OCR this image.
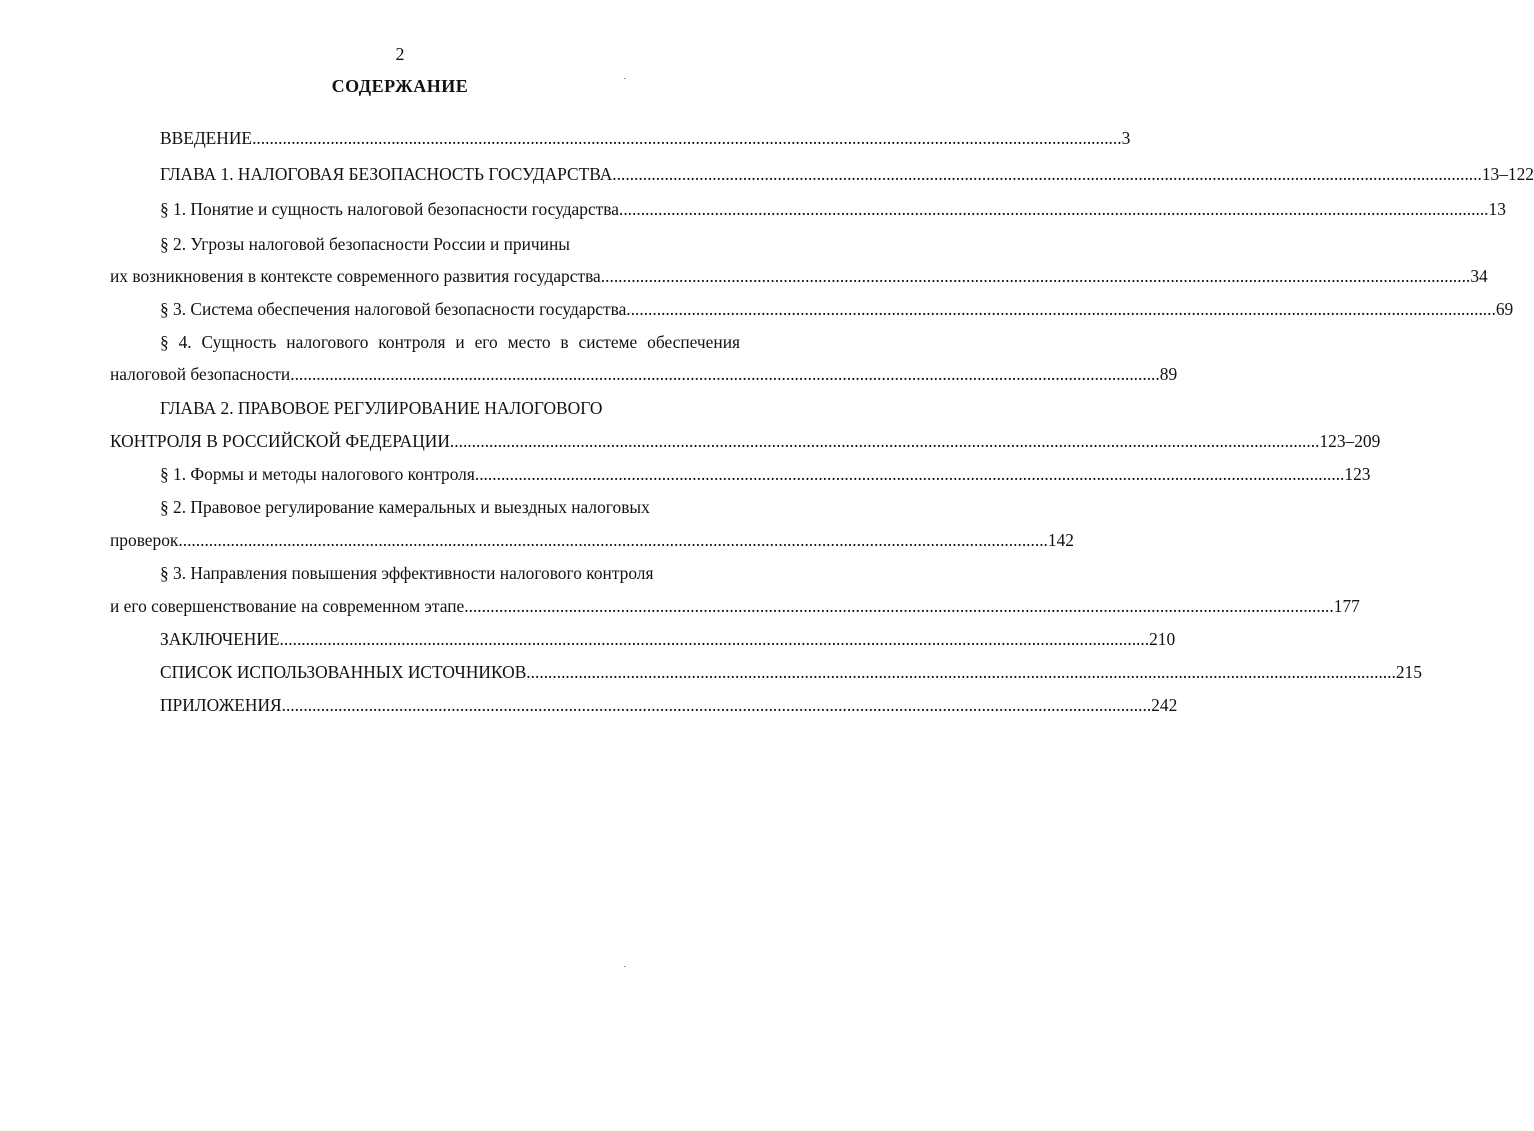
2
СОДЕРЖАНИЕ
ВВЕДЕНИЕ ........................................................................................................................................................................................................ 3
ГЛАВА 1. НАЛОГОВАЯ БЕЗОПАСНОСТЬ ГОСУДАРСТВА ........................................................................................................................................................................................................ 13–122
§ 1. Понятие и сущность налоговой безопасности государства ........................................................................................................................................................................................................ 13
§ 2. Угрозы налоговой безопасности России и причины
их возникновения в контексте современного развития государства ........................................................................................................................................................................................................ 34
§ 3. Система обеспечения налоговой безопасности государства ........................................................................................................................................................................................................ 69
§ 4. Сущность налогового контроля и его место в системе обеспечения
налоговой безопасности ........................................................................................................................................................................................................ 89
ГЛАВА 2. ПРАВОВОЕ РЕГУЛИРОВАНИЕ НАЛОГОВОГО
КОНТРОЛЯ В РОССИЙСКОЙ ФЕДЕРАЦИИ ........................................................................................................................................................................................................ 123–209
§ 1. Формы и методы налогового контроля ........................................................................................................................................................................................................ 123
§ 2. Правовое регулирование камеральных и выездных налоговых
проверок ........................................................................................................................................................................................................ 142
§ 3. Направления повышения эффективности налогового контроля
и его совершенствование на современном этапе ........................................................................................................................................................................................................ 177
ЗАКЛЮЧЕНИЕ ........................................................................................................................................................................................................ 210
СПИСОК ИСПОЛЬЗОВАННЫХ ИСТОЧНИКОВ ........................................................................................................................................................................................................ 215
ПРИЛОЖЕНИЯ ........................................................................................................................................................................................................ 242
